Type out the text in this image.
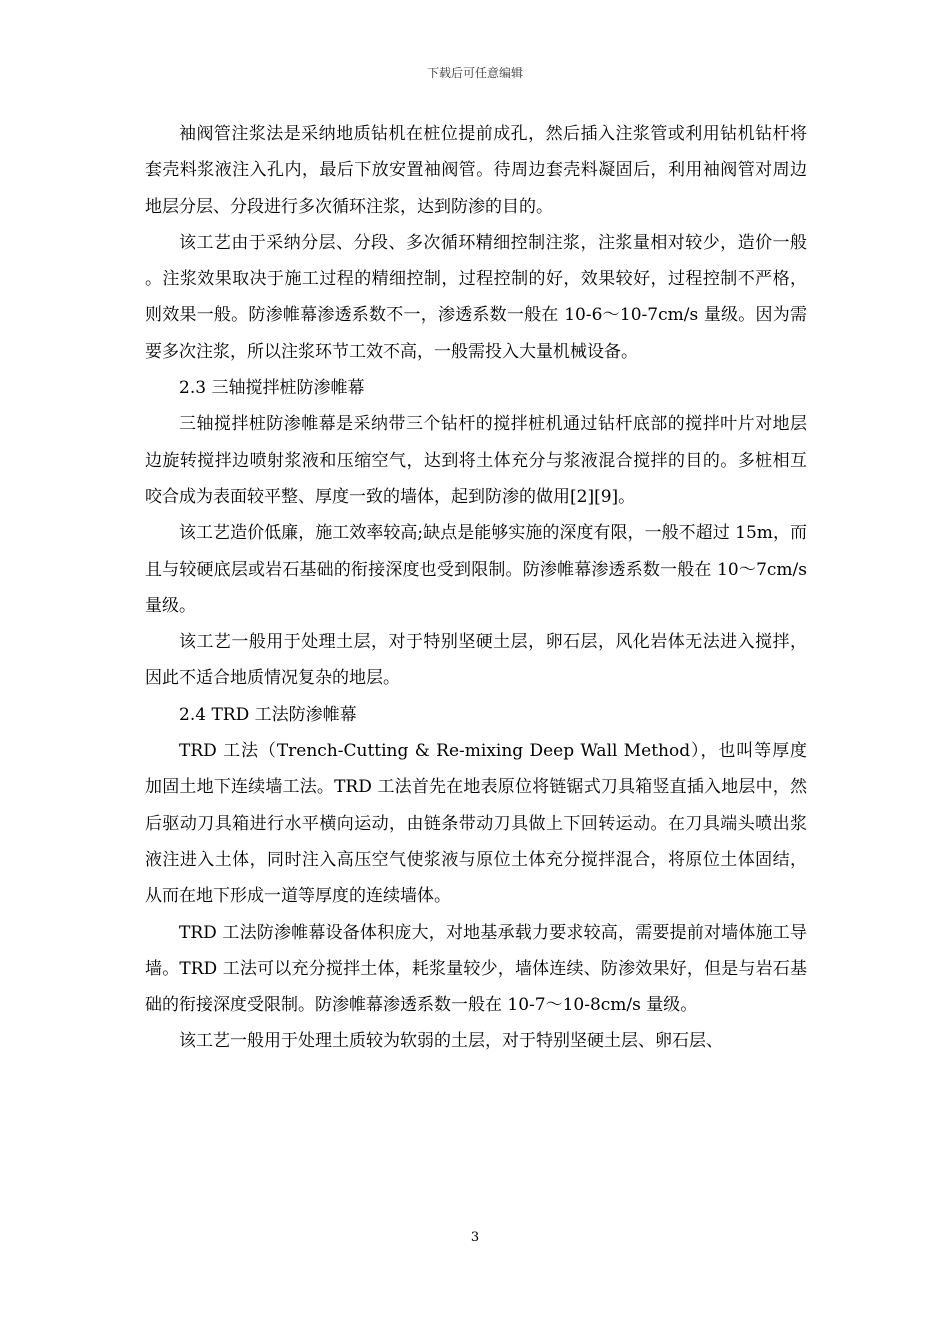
下载后可任意编辑

袖阀管注浆法是采纳地质钻机在桩位提前成孔，然后插入注浆管或利用钻机钻杆将套壳料浆液注入孔内，最后下放安置袖阀管。待周边套壳料凝固后，利用袖阀管对周边地层分层、分段进行多次循环注浆，达到防渗的目的。

该工艺由于采纳分层、分段、多次循环精细控制注浆，注浆量相对较少，造价一般。注浆效果取决于施工过程的精细控制，过程控制的好，效果较好，过程控制不严格，则效果一般。防渗帷幕渗透系数不一，渗透系数一般在 10-6～10-7cm/s 量级。因为需要多次注浆，所以注浆环节工效不高，一般需投入大量机械设备。

2.3 三轴搅拌桩防渗帷幕

三轴搅拌桩防渗帷幕是采纳带三个钻杆的搅拌桩机通过钻杆底部的搅拌叶片对地层边旋转搅拌边喷射浆液和压缩空气，达到将土体充分与浆液混合搅拌的目的。多桩相互咬合成为表面较平整、厚度一致的墙体，起到防渗的做用[2][9]。

该工艺造价低廉，施工效率较高;缺点是能够实施的深度有限，一般不超过 15m，而且与较硬底层或岩石基础的衔接深度也受到限制。防渗帷幕渗透系数一般在 10～7cm/s 量级。

该工艺一般用于处理土层，对于特别坚硬土层，卵石层，风化岩体无法进入搅拌，因此不适合地质情况复杂的地层。

2.4 TRD 工法防渗帷幕

TRD 工法（Trench-Cutting & Re-mixing Deep Wall Method），也叫等厚度加固土地下连续墙工法。TRD 工法首先在地表原位将链锯式刀具箱竖直插入地层中，然后驱动刀具箱进行水平横向运动，由链条带动刀具做上下回转运动。在刀具端头喷出浆液注进入土体，同时注入高压空气使浆液与原位土体充分搅拌混合，将原位土体固结，从而在地下形成一道等厚度的连续墙体。

TRD 工法防渗帷幕设备体积庞大，对地基承载力要求较高，需要提前对墙体施工导墙。TRD 工法可以充分搅拌土体，耗浆量较少，墙体连续、防渗效果好，但是与岩石基础的衔接深度受限制。防渗帷幕渗透系数一般在 10-7～10-8cm/s 量级。

该工艺一般用于处理土质较为软弱的土层，对于特别坚硬土层、卵石层、

3
